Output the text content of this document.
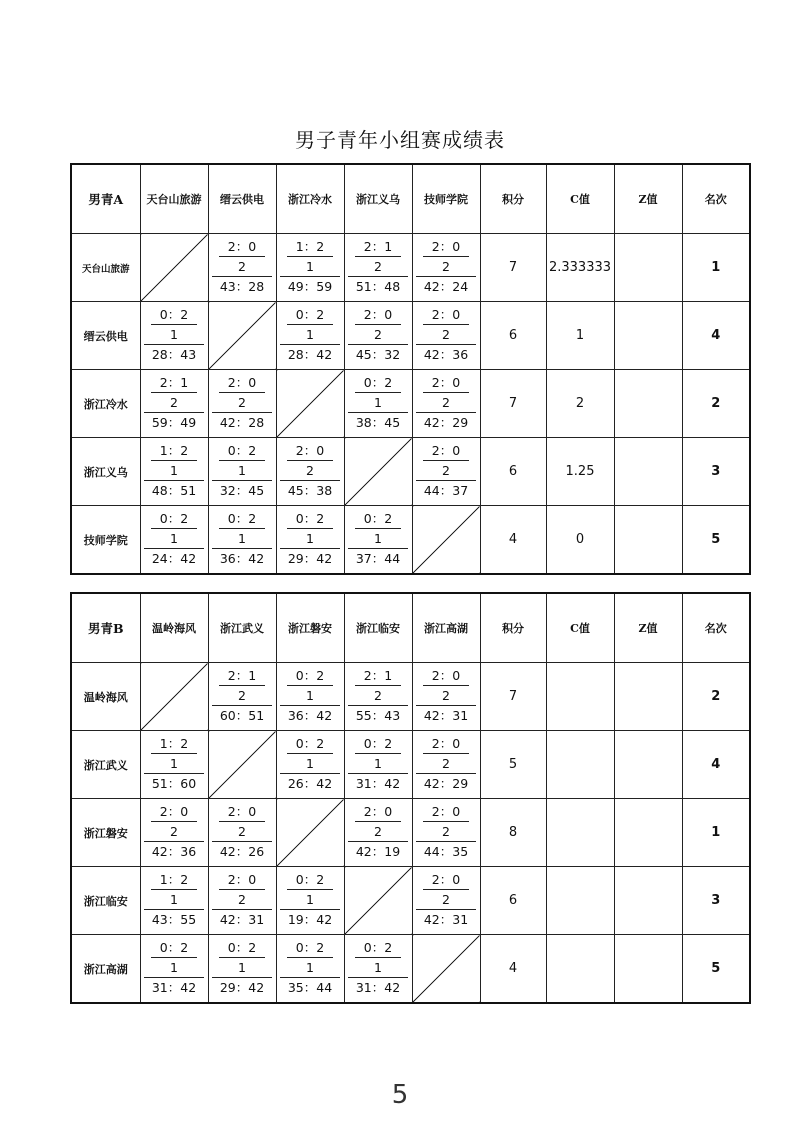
男子青年小组赛成绩表
男青A	天台山旅游	缙云供电	浙江冷水	浙江义乌	技师学院	积分	C值	Z值	名次
天台山旅游		2：0
2
43：28	1：2
1
49：59	2：1
2
51：48	2：0
2
42：24	7	2.333333		1
缙云供电	0：2
1
28：43		0：2
1
28：42	2：0
2
45：32	2：0
2
42：36	6	1		4
浙江冷水	2：1
2
59：49	2：0
2
42：28		0：2
1
38：45	2：0
2
42：29	7	2		2
浙江义乌	1：2
1
48：51	0：2
1
32：45	2：0
2
45：38		2：0
2
44：37	6	1.25		3
技师学院	0：2
1
24：42	0：2
1
36：42	0：2
1
29：42	0：2
1
37：44		4	0		5
男青B	温岭海风	浙江武义	浙江磐安	浙江临安	浙江高湖	积分	C值	Z值	名次
温岭海风		2：1
2
60：51	0：2
1
36：42	2：1
2
55：43	2：0
2
42：31	7			2
浙江武义	1：2
1
51：60		0：2
1
26：42	0：2
1
31：42	2：0
2
42：29	5			4
浙江磐安	2：0
2
42：36	2：0
2
42：26		2：0
2
42：19	2：0
2
44：35	8			1
浙江临安	1：2
1
43：55	2：0
2
42：31	0：2
1
19：42		2：0
2
42：31	6			3
浙江高湖	0：2
1
31：42	0：2
1
29：42	0：2
1
35：44	0：2
1
31：42		4			5
5
